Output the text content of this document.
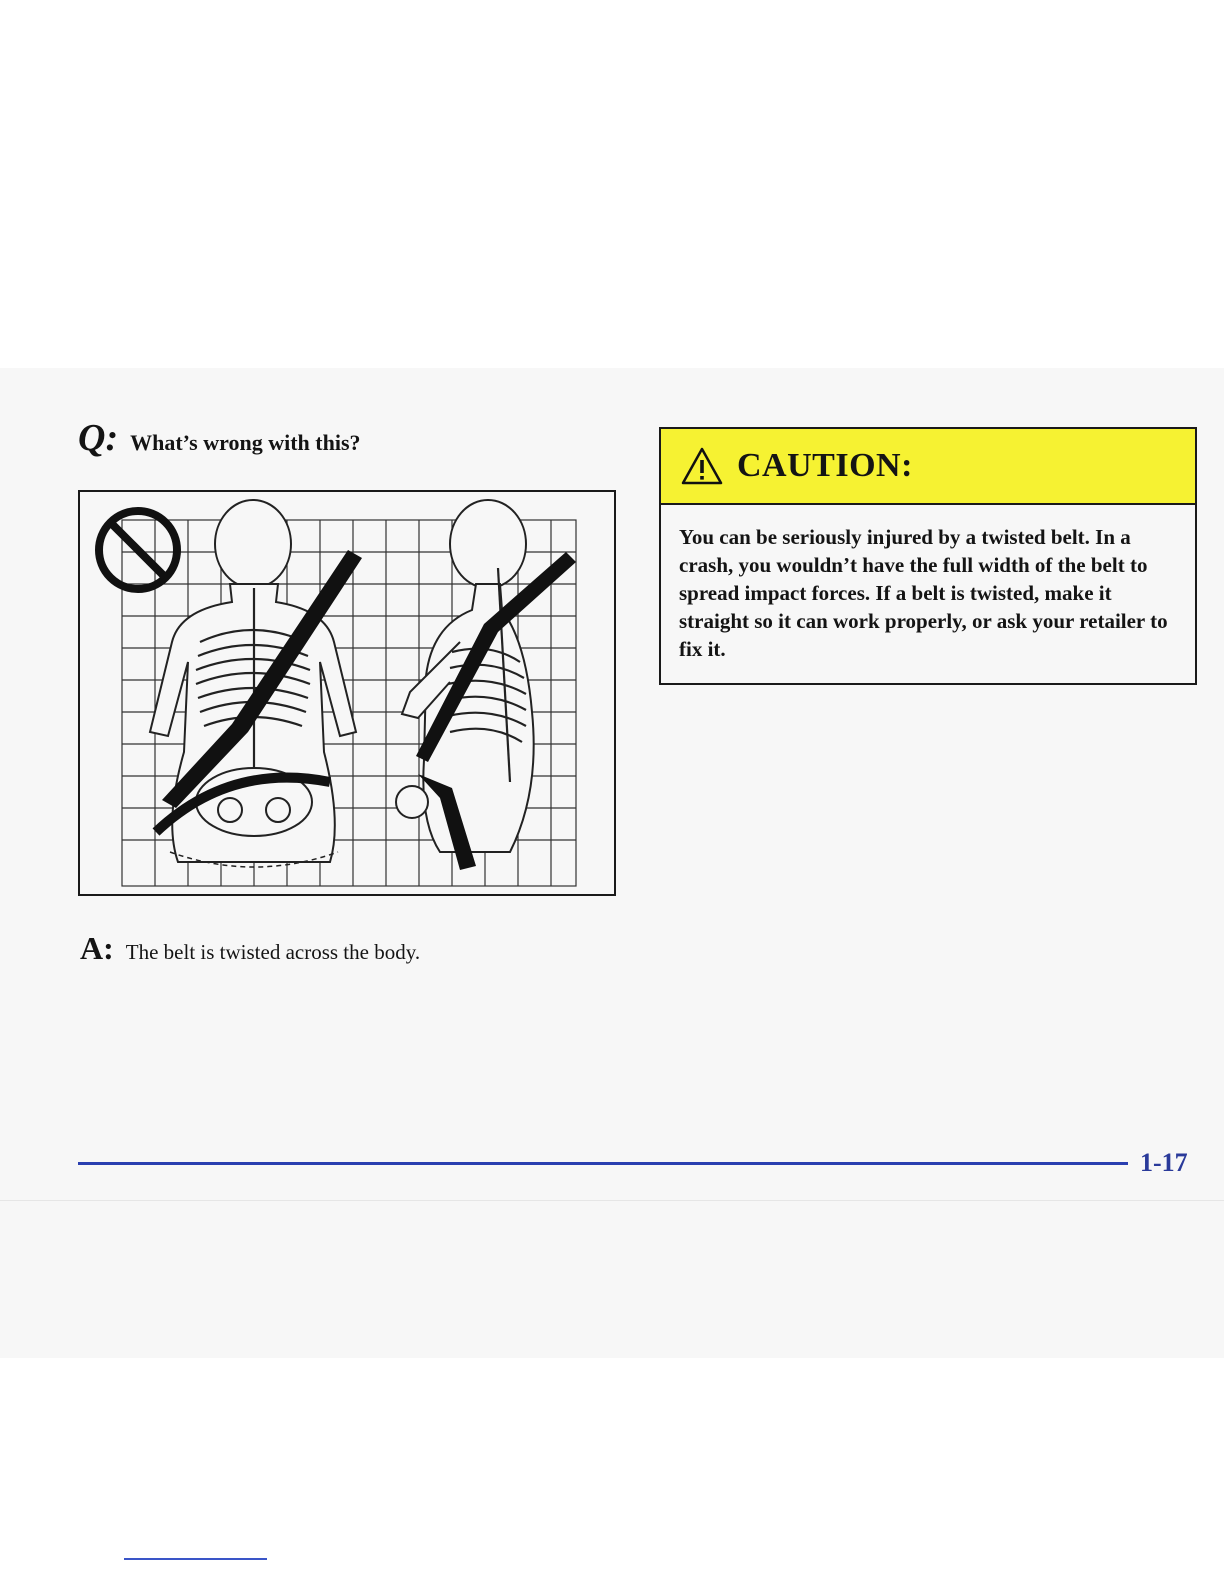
Q: What’s wrong with this?
A: The belt is twisted across the body.
CAUTION:
You can be seriously injured by a twisted belt. In a crash, you wouldn’t have the full width of the belt to spread impact forces. If a belt is twisted, make it straight so it can work properly, or ask your retailer to fix it.
1-17
